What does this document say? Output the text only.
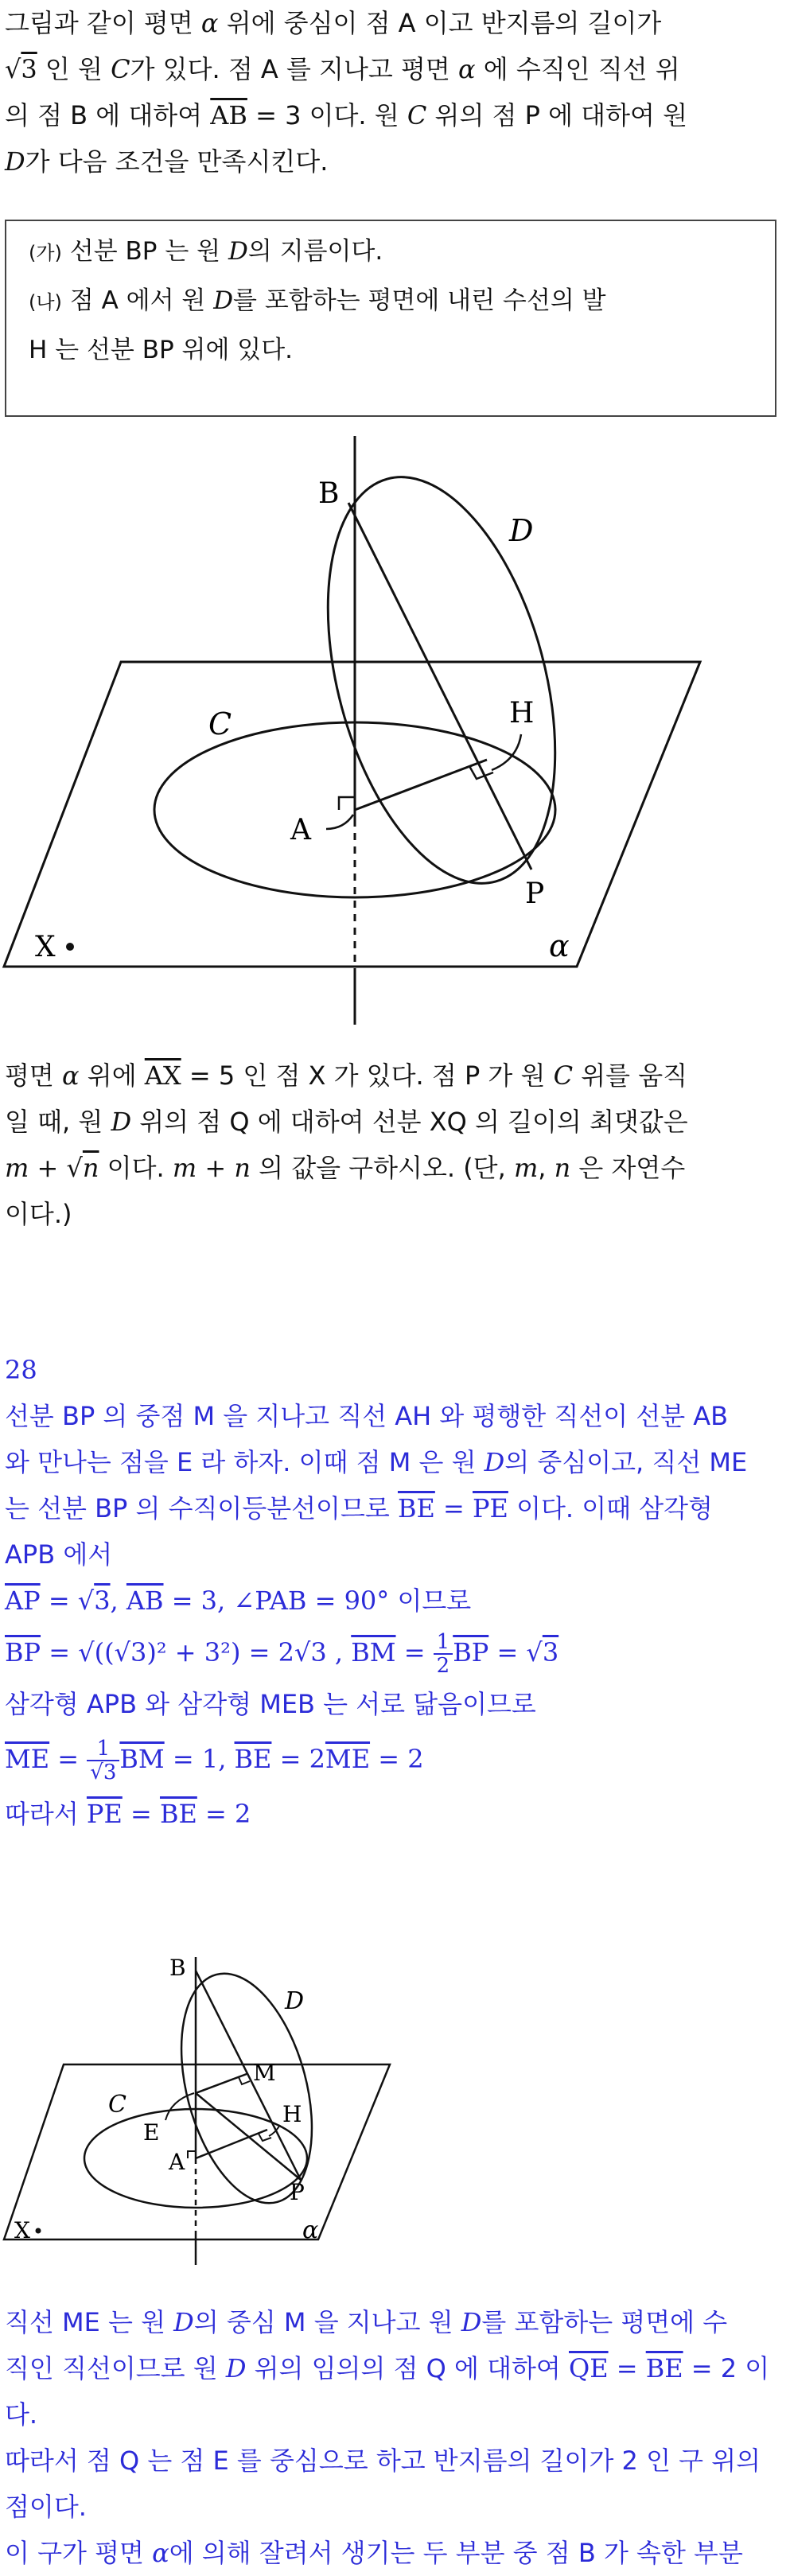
그림과 같이 평면 α 위에 중심이 점 A 이고 반지름의 길이가
√3 인 원 C가 있다. 점 A 를 지나고 평면 α 에 수직인 직선 위
의 점 B 에 대하여 $\overline{AB} = 3$ 이다. 원 C 위의 점 P 에 대하여 원
D가 다음 조건을 만족시킨다.
(가) 선분 BP 는 원 D의 지름이다.
(나) 점 A 에서 원 D를 포함하는 평면에 내린 수선의 발
H 는 선분 BP 위에 있다.
B
D
H
C
A
P
X	α
평면 α 위에 $\overline{AX} = 5$ 인 점 X 가 있다. 점 P 가 원 C 위를 움직
일 때, 원 D 위의 점 Q 에 대하여 선분 XQ 의 길이의 최댓값은
m + √n 이다. m + n 의 값을 구하시오. (단, m, n 은 자연수
이다.)
28
선분 BP 의 중점 M 을 지나고 직선 AH 와 평행한 직선이 선분 AB
와 만나는 점을 E 라 하자. 이때 점 M 은 원 D의 중심이고, 직선 ME
는 선분 BP 의 수직이등분선이므로 $\overline{BE} = \overline{PE}$ 이다. 이때 삼각형
APB 에서
$\overline{AP} = √3$, $\overline{AB} = 3$, ∠PAB = 90° 이므로
$\overline{BP} = √((√3)^2 + 3^2) = 2√3$ , $\overline{BM} = \frac{1}{2} \overline{BP} = √3$
삼각형 APB 와 삼각형 MEB 는 서로 닮음이므로
$\overline{ME} = \frac{1}{√3} \overline{BM} = 1$, $\overline{BE} = 2\overline{ME} = 2$
따라서 $\overline{PE} = \overline{BE} = 2$
B
D
M
C	H
E
A
P
X	α
직선 ME 는 원 D의 중심 M 을 지나고 원 D를 포함하는 평면에 수
직인 직선이므로 원 D 위의 임의의 점 Q 에 대하여 $\overline{QE} = \overline{BE} = 2$ 이
다.
따라서 점 Q 는 점 E 를 중심으로 하고 반지름의 길이가 2 인 구 위의
점이다.
이 구가 평면 α에 의해 잘려서 생기는 두 부분 중 점 B 가 속한 부분
